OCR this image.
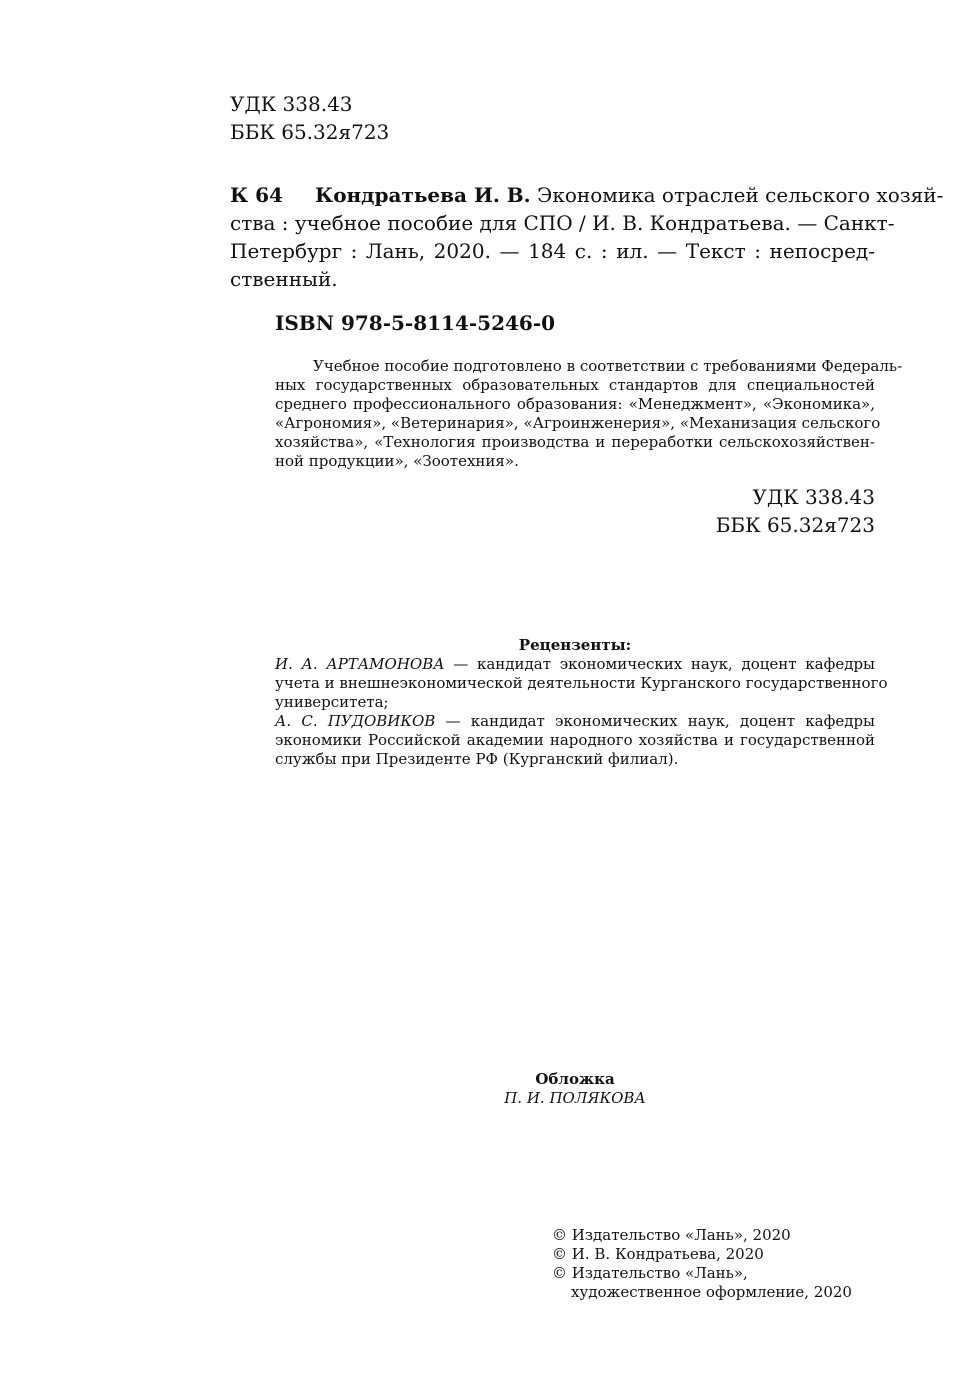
УДК 338.43
ББК 65.32я723
К 64	Кондратьева И. В. Экономика отраслей сельского хозяй-
ства : учебное пособие для СПО / И. В. Кондратьева. — Санкт-
Петербург : Лань, 2020. — 184 с. : ил. — Текст : непосред-
ственный.
ISBN 978-5-8114-5246-0
Учебное пособие подготовлено в соответствии с требованиями Федераль-
ных государственных образовательных стандартов для специальностей
среднего профессионального образования: «Менеджмент», «Экономика»,
«Агрономия», «Ветеринария», «Агроинженерия», «Механизация сельского
хозяйства», «Технология производства и переработки сельскохозяйствен-
ной продукции», «Зоотехния».
УДК 338.43
ББК 65.32я723
Рецензенты:
И. А. АРТАМОНОВА — кандидат экономических наук, доцент кафедры
учета и внешнеэкономической деятельности Курганского государственного
университета;
А. С. ПУДОВИКОВ — кандидат экономических наук, доцент кафедры
экономики Российской академии народного хозяйства и государственной
службы при Президенте РФ (Курганский филиал).
Обложка
П. И. ПОЛЯКОВА
© Издательство «Лань», 2020
© И. В. Кондратьева, 2020
© Издательство «Лань»,
художественное оформление, 2020
